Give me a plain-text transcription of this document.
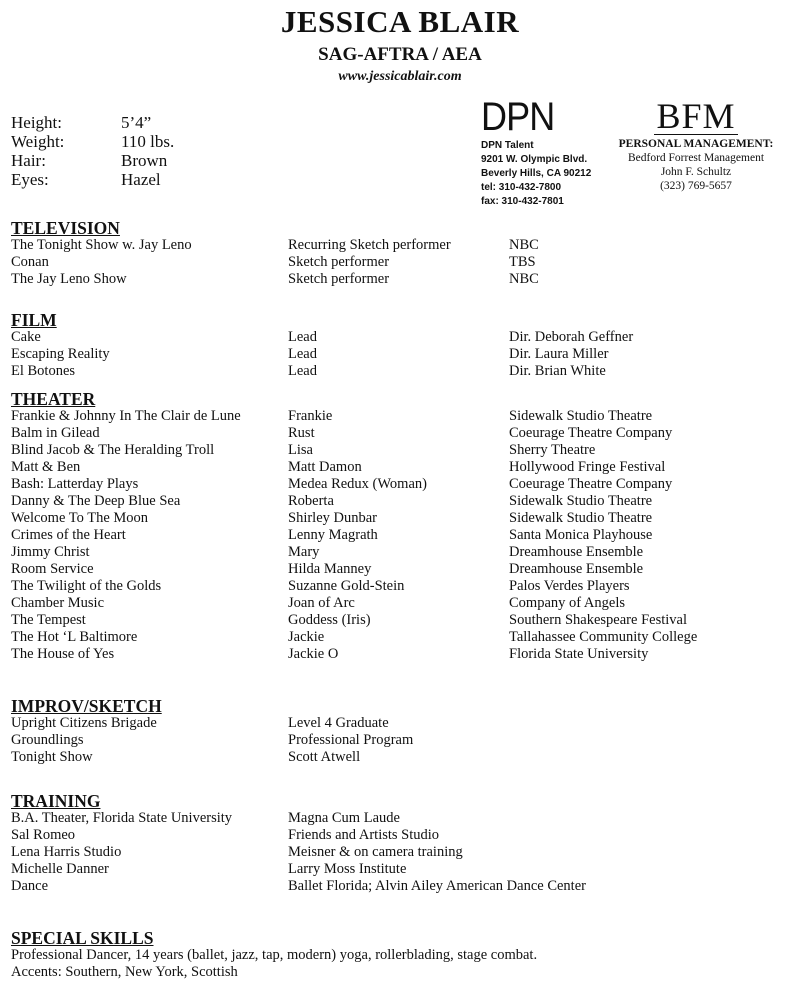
JESSICA BLAIR
SAG-AFTRA / AEA
www.jessicablair.com
Height:	5’4”
Weight:	110 lbs.
Hair:	Brown
Eyes:	Hazel
DPN
DPN Talent
9201 W. Olympic Blvd.
Beverly Hills, CA 90212
tel: 310-432-7800
fax: 310-432-7801
BFM
PERSONAL MANAGEMENT:
Bedford Forrest Management
John F. Schultz
(323) 769-5657
TELEVISION
The Tonight Show w. Jay Leno	Recurring Sketch performer	NBC
Conan	Sketch performer	TBS
The Jay Leno Show	Sketch performer	NBC
FILM
Cake	Lead	Dir. Deborah Geffner
Escaping Reality	Lead	Dir. Laura Miller
El Botones	Lead	Dir. Brian White
THEATER
Frankie & Johnny In The Clair de Lune	Frankie	Sidewalk Studio Theatre
Balm in Gilead	Rust	Coeurage Theatre Company
Blind Jacob & The Heralding Troll	Lisa	Sherry Theatre
Matt & Ben	Matt Damon	Hollywood Fringe Festival
Bash: Latterday Plays	Medea Redux (Woman)	Coeurage Theatre Company
Danny & The Deep Blue Sea	Roberta	Sidewalk Studio Theatre
Welcome To The Moon	Shirley Dunbar	Sidewalk Studio Theatre
Crimes of the Heart	Lenny Magrath	Santa Monica Playhouse
Jimmy Christ	Mary	Dreamhouse Ensemble
Room Service	Hilda Manney	Dreamhouse Ensemble
The Twilight of the Golds	Suzanne Gold-Stein	Palos Verdes Players
Chamber Music	Joan of Arc	Company of Angels
The Tempest	Goddess (Iris)	Southern Shakespeare Festival
The Hot ‘L Baltimore	Jackie	Tallahassee Community College
The House of Yes	Jackie O	Florida State University
IMPROV/SKETCH
Upright Citizens Brigade	Level 4 Graduate
Groundlings	Professional Program
Tonight Show	Scott Atwell
TRAINING
B.A. Theater, Florida State University	Magna Cum Laude
Sal Romeo	Friends and Artists Studio
Lena Harris Studio	Meisner & on camera training
Michelle Danner	Larry Moss Institute
Dance	Ballet Florida; Alvin Ailey American Dance Center
SPECIAL SKILLS
Professional Dancer, 14 years (ballet, jazz, tap, modern) yoga, rollerblading, stage combat.
Accents: Southern, New York, Scottish
